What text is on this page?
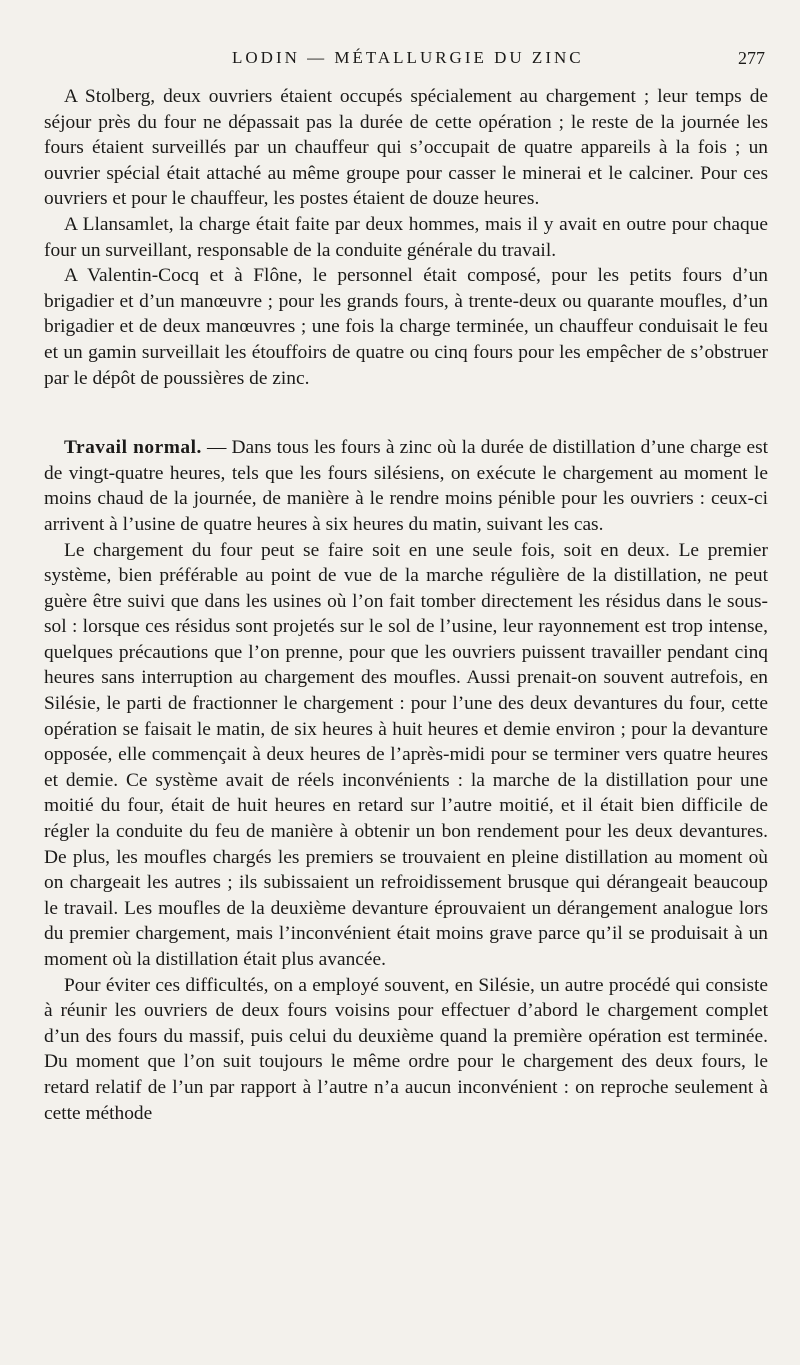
LODIN — MÉTALLURGIE DU ZINC	277

A Stolberg, deux ouvriers étaient occupés spécialement au chargement ; leur temps de séjour près du four ne dépassait pas la durée de cette opération ; le reste de la journée les fours étaient surveillés par un chauffeur qui s’occupait de quatre appareils à la fois ; un ouvrier spécial était attaché au même groupe pour casser le minerai et le calciner. Pour ces ouvriers et pour le chauffeur, les postes étaient de douze heures.

A Llansamlet, la charge était faite par deux hommes, mais il y avait en outre pour chaque four un surveillant, responsable de la conduite générale du travail.

A Valentin-Cocq et à Flône, le personnel était composé, pour les petits fours d’un brigadier et d’un manœuvre ; pour les grands fours, à trente-deux ou quarante moufles, d’un brigadier et de deux manœuvres ; une fois la charge terminée, un chauffeur conduisait le feu et un gamin surveillait les étouffoirs de quatre ou cinq fours pour les empêcher de s’obstruer par le dépôt de poussières de zinc.

Travail normal. — Dans tous les fours à zinc où la durée de distillation d’une charge est de vingt-quatre heures, tels que les fours silésiens, on exécute le chargement au moment le moins chaud de la journée, de manière à le rendre moins pénible pour les ouvriers : ceux-ci arrivent à l’usine de quatre heures à six heures du matin, suivant les cas.

Le chargement du four peut se faire soit en une seule fois, soit en deux. Le premier système, bien préférable au point de vue de la marche régulière de la distillation, ne peut guère être suivi que dans les usines où l’on fait tomber directement les résidus dans le sous-sol : lorsque ces résidus sont projetés sur le sol de l’usine, leur rayonnement est trop intense, quelques précautions que l’on prenne, pour que les ouvriers puissent travailler pendant cinq heures sans interruption au chargement des moufles. Aussi prenait-on souvent autrefois, en Silésie, le parti de fractionner le chargement : pour l’une des deux devantures du four, cette opération se faisait le matin, de six heures à huit heures et demie environ ; pour la devanture opposée, elle commençait à deux heures de l’après-midi pour se terminer vers quatre heures et demie. Ce système avait de réels inconvénients : la marche de la distillation pour une moitié du four, était de huit heures en retard sur l’autre moitié, et il était bien difficile de régler la conduite du feu de manière à obtenir un bon rendement pour les deux devantures. De plus, les moufles chargés les premiers se trouvaient en pleine distillation au moment où on chargeait les autres ; ils subissaient un refroidissement brusque qui dérangeait beaucoup le travail. Les moufles de la deuxième devanture éprouvaient un dérangement analogue lors du premier chargement, mais l’inconvénient était moins grave parce qu’il se produisait à un moment où la distillation était plus avancée.

Pour éviter ces difficultés, on a employé souvent, en Silésie, un autre procédé qui consiste à réunir les ouvriers de deux fours voisins pour effectuer d’abord le chargement complet d’un des fours du massif, puis celui du deuxième quand la première opération est terminée. Du moment que l’on suit toujours le même ordre pour le chargement des deux fours, le retard relatif de l’un par rapport à l’autre n’a aucun inconvénient : on reproche seulement à cette méthode
